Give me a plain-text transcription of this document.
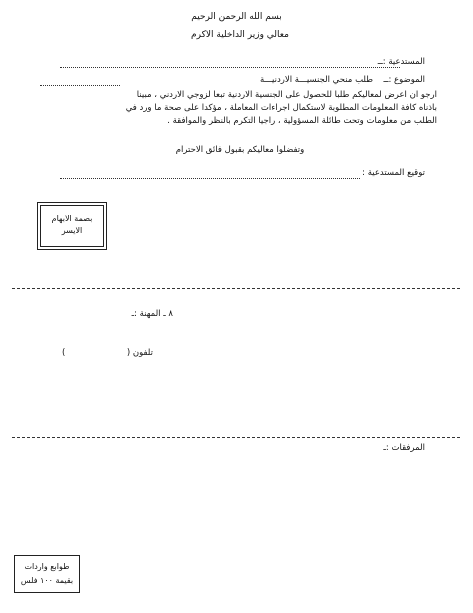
بسم الله الرحمن الرحيم
معالي وزير الداخلية الاكرم
المستدعية :ــ
الموضوع :ــ
طلب منحي الجنسيـــة الاردنيـــة
ارجو ان اعرض لمعاليكم طلبا للحصول على الجنسية الاردنية تبعا لزوجي الاردني ، مبينا
باذناه كافة المعلومات المطلوبة لاستكمال اجراءات المعاملة ، مؤكدا على صحة ما ورد في
الطلب من معلومات وتحت طائلة المسؤولية ، راجيا التكرم بالنظر والموافقة .
وتفضلوا معاليكم بقبول فائق الاحترام
توقيع المستدعية :
بصمة الابهام الايسر
٨ ـ المهنة :ـ
تلفون (
)
المرفقات :ـ
طوابع واردات
بقيمة ١٠٠ فلس
